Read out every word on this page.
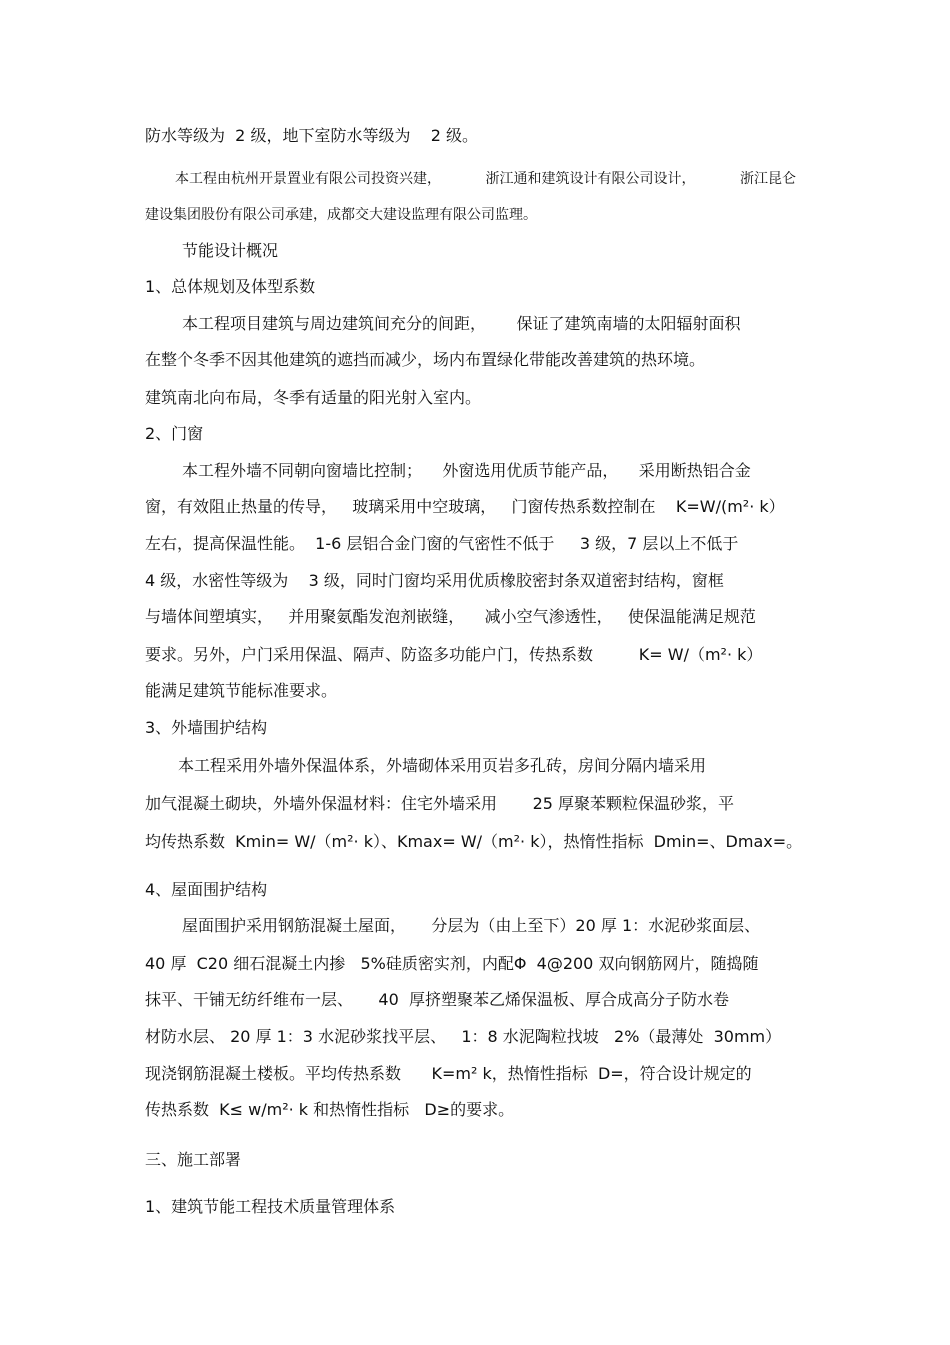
防水等级为  2 级，地下室防水等级为    2 级。
本工程由杭州开景置业有限公司投资兴建，          浙江通和建筑设计有限公司设计，          浙江昆仑
建设集团股份有限公司承建，成都交大建设监理有限公司监理。
节能设计概况
1、总体规划及体型系数
本工程项目建筑与周边建筑间充分的间距，      保证了建筑南墙的太阳辐射面积
在整个冬季不因其他建筑的遮挡而减少，场内布置绿化带能改善建筑的热环境。
建筑南北向布局，冬季有适量的阳光射入室内。
2、门窗
本工程外墙不同朝向窗墙比控制；    外窗选用优质节能产品，    采用断热铝合金
窗，有效阻止热量的传导，   玻璃采用中空玻璃，   门窗传热系数控制在    K=W/(m²· k）
左右，提高保温性能。  1-6 层铝合金门窗的气密性不低于     3 级，7 层以上不低于
4 级，水密性等级为    3 级，同时门窗均采用优质橡胶密封条双道密封结构，窗框
与墙体间塑填实，   并用聚氨酯发泡剂嵌缝，    减小空气渗透性，   使保温能满足规范
要求。另外，户门采用保温、隔声、防盗多功能户门，传热系数         K= W/（m²· k）
能满足建筑节能标准要求。
3、外墙围护结构
本工程采用外墙外保温体系，外墙砌体采用页岩多孔砖，房间分隔内墙采用
加气混凝土砌块，外墙外保温材料：住宅外墙采用       25 厚聚苯颗粒保温砂浆，平
均传热系数  Kmin= W/（m²· k）、Kmax= W/（m²· k），热惰性指标  Dmin=、Dmax=。
4、屋面围护结构
屋面围护采用钢筋混凝土屋面，     分层为（由上至下）20 厚 1：水泥砂浆面层、
40 厚  C20 细石混凝土内掺   5%硅质密实剂，内配Φ  4@200 双向钢筋网片，随捣随
抹平、干铺无纺纤维布一层、     40  厚挤塑聚苯乙烯保温板、厚合成高分子防水卷
材防水层、 20 厚 1：3 水泥砂浆找平层、   1：8 水泥陶粒找坡   2%（最薄处  30mm）
现浇钢筋混凝土楼板。平均传热系数      K=m² k，热惰性指标  D=，符合设计规定的
传热系数  K≤ w/m²· k 和热惰性指标   D≥的要求。
三、施工部署
1、建筑节能工程技术质量管理体系
